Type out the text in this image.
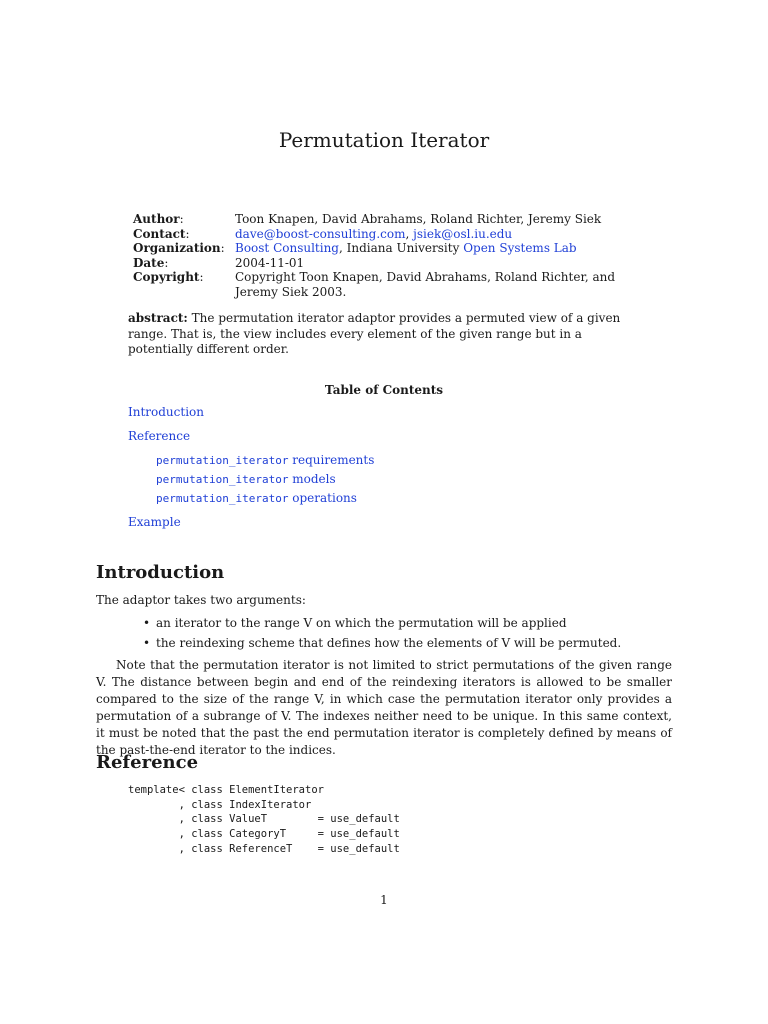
Permutation Iterator
Author:	Toon Knapen, David Abrahams, Roland Richter, Jeremy Siek
Contact:	dave@boost-consulting.com, jsiek@osl.iu.edu
Organization: Boost Consulting, Indiana University Open Systems Lab
Date:	2004-11-01
Copyright:	Copyright Toon Knapen, David Abrahams, Roland Richter, and Jeremy Siek 2003.
abstract: The permutation iterator adaptor provides a permuted view of a given range. That is, the view includes every element of the given range but in a potentially different order.
Table of Contents
Introduction
Reference
permutation_iterator requirements
permutation_iterator models
permutation_iterator operations
Example
Introduction
The adaptor takes two arguments:
• an iterator to the range V on which the permutation will be applied
• the reindexing scheme that defines how the elements of V will be permuted.
Note that the permutation iterator is not limited to strict permutations of the given range V. The distance between begin and end of the reindexing iterators is allowed to be smaller compared to the size of the range V, in which case the permutation iterator only provides a permutation of a subrange of V. The indexes neither need to be unique. In this same context, it must be noted that the past the end permutation iterator is completely defined by means of the past-the-end iterator to the indices.
Reference
template< class ElementIterator
, class IndexIterator
, class ValueT        = use_default
, class CategoryT     = use_default
, class ReferenceT    = use_default
1
